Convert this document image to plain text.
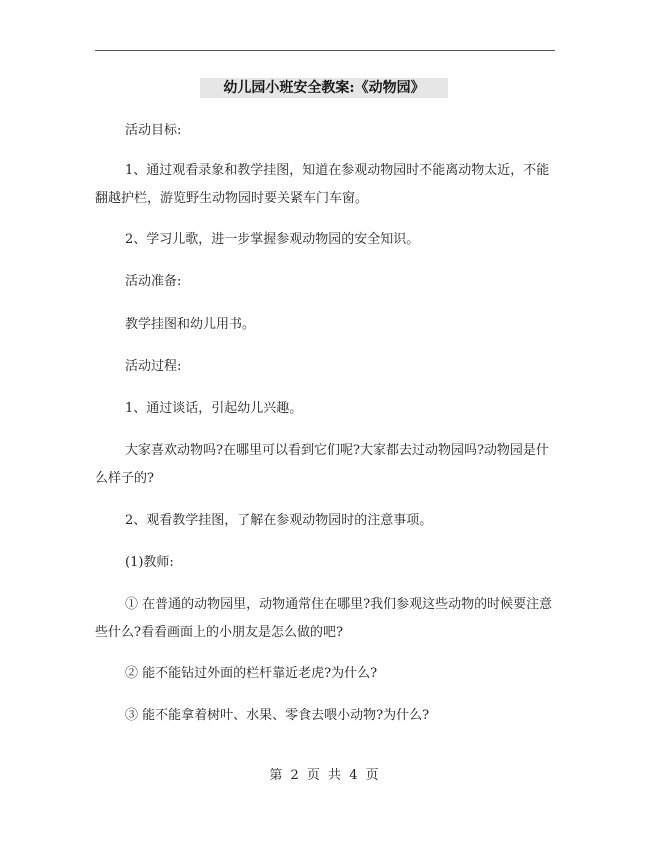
幼儿园小班安全教案:《动物园》
活动目标:
1、通过观看录象和教学挂图，知道在参观动物园时不能离动物太近，不能翻越护栏，游览野生动物园时要关紧车门车窗。
2、学习儿歌，进一步掌握参观动物园的安全知识。
活动准备:
教学挂图和幼儿用书。
活动过程:
1、通过谈话，引起幼儿兴趣。
大家喜欢动物吗?在哪里可以看到它们呢?大家都去过动物园吗?动物园是什么样子的?
2、观看教学挂图，了解在参观动物园时的注意事项。
(1)教师:
① 在普通的动物园里，动物通常住在哪里?我们参观这些动物的时候要注意些什么?看看画面上的小朋友是怎么做的吧?
② 能不能钻过外面的栏杆靠近老虎?为什么?
③ 能不能拿着树叶、水果、零食去喂小动物?为什么?
第 2 页 共 4 页
